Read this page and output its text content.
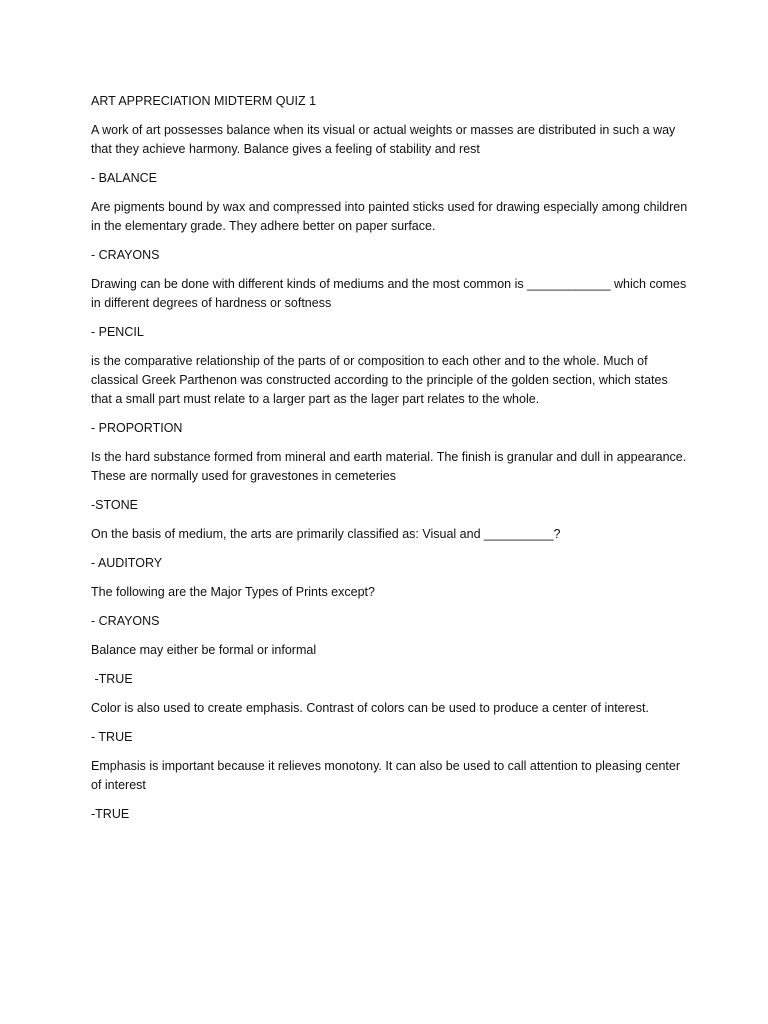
ART APPRECIATION MIDTERM QUIZ 1
A work of art possesses balance when its visual or actual weights or masses are distributed in such a way that they achieve harmony. Balance gives a feeling of stability and rest
- BALANCE
Are pigments bound by wax and compressed into painted sticks used for drawing especially among children in the elementary grade. They adhere better on paper surface.
- CRAYONS
Drawing can be done with different kinds of mediums and the most common is ____________ which comes in different degrees of hardness or softness
- PENCIL
is the comparative relationship of the parts of or composition to each other and to the whole. Much of classical Greek Parthenon was constructed according to the principle of the golden section, which states that a small part must relate to a larger part as the lager part relates to the whole.
- PROPORTION
Is the hard substance formed from mineral and earth material. The finish is granular and dull in appearance. These are normally used for gravestones in cemeteries
-STONE
On the basis of medium, the arts are primarily classified as: Visual and __________?
- AUDITORY
The following are the Major Types of Prints except?
- CRAYONS
Balance may either be formal or informal
-TRUE
Color is also used to create emphasis. Contrast of colors can be used to produce a center of interest.
- TRUE
Emphasis is important because it relieves monotony. It can also be used to call attention to pleasing center of interest
-TRUE
